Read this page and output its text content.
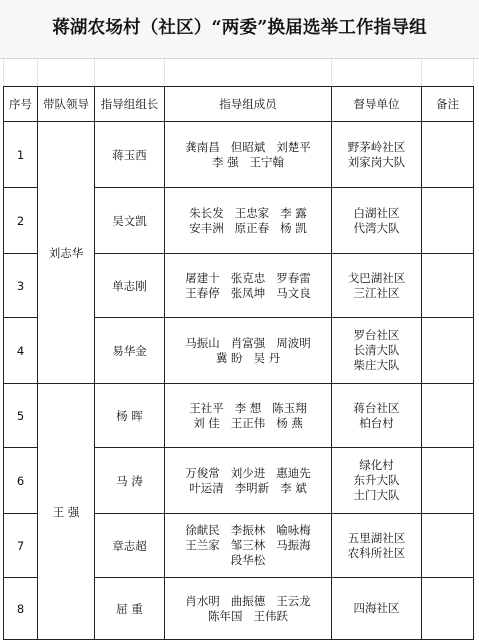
蒋湖农场村（社区）“两委”换届选举工作指导组
序号	带队领导	指导组组长	指导组成员	督导单位	备注
1	刘志华	蒋玉西	龚南昌   但昭斌   刘楚平
李 强   王宁翰	野茅岭社区
刘家岗大队	

2		吴文凯	朱长发   王忠家   李 露
安丰洲   原正春   杨 凯	白湖社区
代湾大队	

3		单志刚	屠建十   张克忠   罗春雷
王春停   张凤坤   马文良	戈巴湖社区
三江社区	

4		易华金	马振山   肖富强   周波明
冀 盼   吴 丹	罗台社区
长清大队
柴庄大队	

5	王 强	杨 晖	王社平   李 想   陈玉翔
刘 佳   王正伟   杨 燕	蒋台社区
柏台村	

6		马 涛	万俊常   刘少进   惠迪先
叶运清   李明新   李 斌	绿化村
东升大队
土门大队	

7		章志超	徐献民   李振林   喻咏梅
王兰家   邹三林   马振海
段华松	五里湖社区
农科所社区	

8		屈 重	肖水明   曲振德   王云龙
陈年国   王伟跃	四海社区	
